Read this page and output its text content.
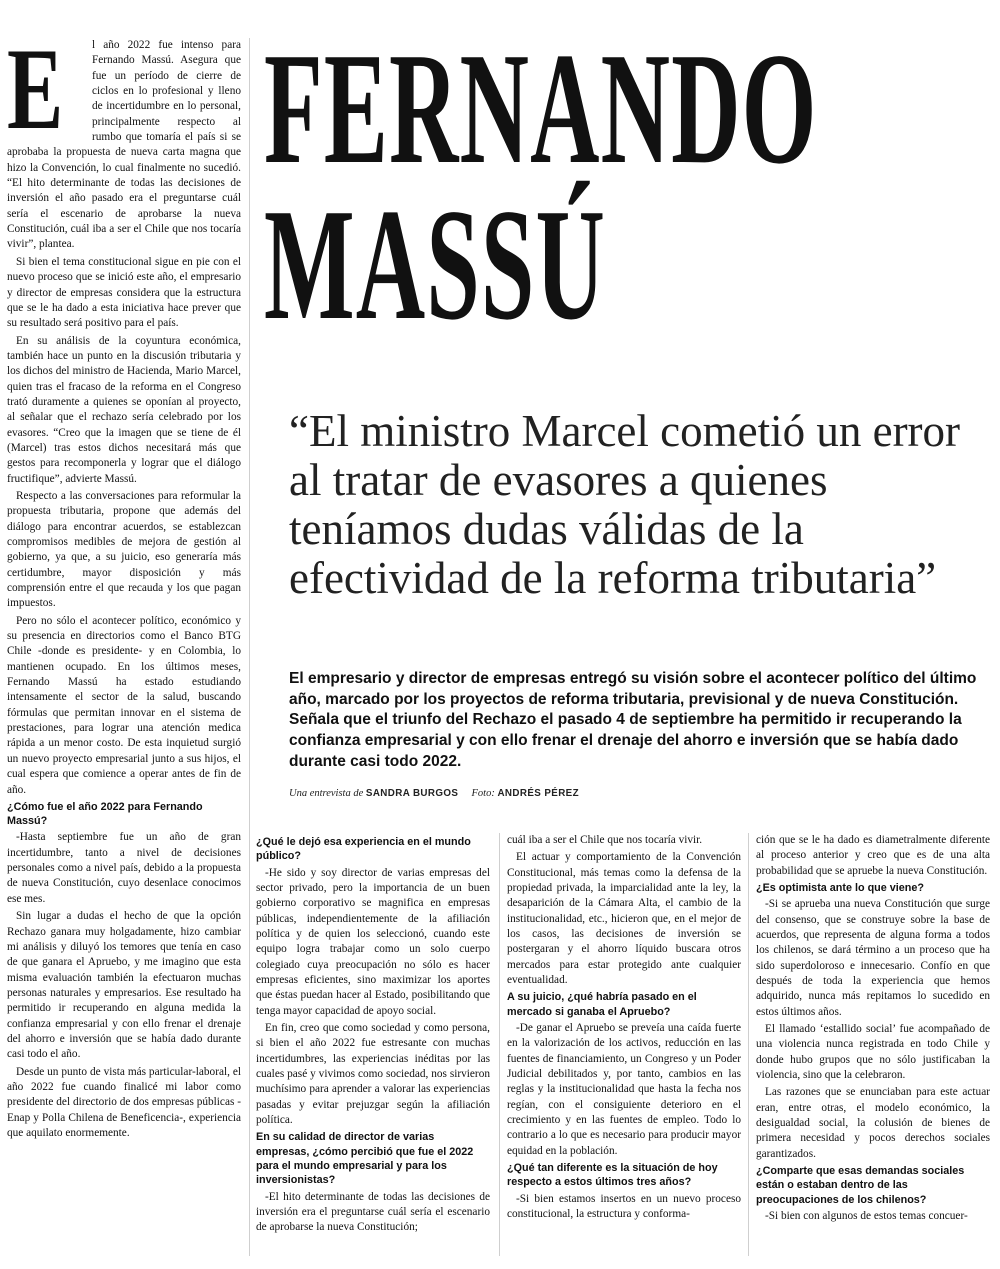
E	l año 2022 fue intenso para Fernando Massú. Asegura que fue un período de cierre de ciclos en lo profesional y lleno de incertidumbre en lo personal, principalmente respecto al rumbo que tomaría el país si se aprobaba la propuesta de nueva carta magna que hizo la Convención, lo cual finalmente no sucedió. “El hito determinante de todas las decisiones de inversión el año pasado era el preguntarse cuál sería el escenario de aprobarse la nueva Constitución, cuál iba a ser el Chile que nos tocaría vivir”, plantea.

Si bien el tema constitucional sigue en pie con el nuevo proceso que se inició este año, el empresario y director de empresas considera que la estructura que se le ha dado a esta iniciativa hace prever que su resultado será positivo para el país.

En su análisis de la coyuntura económica, también hace un punto en la discusión tributaria y los dichos del ministro de Hacienda, Mario Marcel, quien tras el fracaso de la reforma en el Congreso trató duramente a quienes se oponían al proyecto, al señalar que el rechazo sería celebrado por los evasores. “Creo que la imagen que se tiene de él (Marcel) tras estos dichos necesitará más que gestos para recomponerla y lograr que el diálogo fructifique”, advierte Massú.

Respecto a las conversaciones para reformular la propuesta tributaria, propone que además del diálogo para encontrar acuerdos, se establezcan compromisos medibles de mejora de gestión al gobierno, ya que, a su juicio, eso generaría más certidumbre, mayor disposición y más comprensión entre el que recauda y los que pagan impuestos.

Pero no sólo el acontecer político, económico y su presencia en directorios como el Banco BTG Chile -donde es presidente- y en Colombia, lo mantienen ocupado. En los últimos meses, Fernando Massú ha estado estudiando intensamente el sector de la salud, buscando fórmulas que permitan innovar en el sistema de prestaciones, para lograr una atención medica rápida a un menor costo. De esta inquietud surgió un nuevo proyecto empresarial junto a sus hijos, el cual espera que comience a operar antes de fin de año.

¿Cómo fue el año 2022 para Fernando Massú?

-Hasta septiembre fue un año de gran incertidumbre, tanto a nivel de decisiones personales como a nivel país, debido a la propuesta de nueva Constitución, cuyo desenlace conocimos ese mes.

Sin lugar a dudas el hecho de que la opción Rechazo ganara muy holgadamente, hizo cambiar mi análisis y diluyó los temores que tenía en caso de que ganara el Apruebo, y me imagino que esta misma evaluación también la efectuaron muchas personas naturales y empresarios. Ese resultado ha permitido ir recuperando en alguna medida la confianza empresarial y con ello frenar el drenaje del ahorro e inversión que se había dado durante casi todo el año.

Desde un punto de vista más particular-laboral, el año 2022 fue cuando finalicé mi labor como presidente del directorio de dos empresas públicas -Enap y Polla Chilena de Beneficencia-, experiencia que aquilato enormemente.

FERNANDO
MASSÚ
“El ministro Marcel cometió un error al tratar de evasores a quienes teníamos dudas válidas de la efectividad de la reforma tributaria”
El empresario y director de empresas entregó su visión sobre el acontecer político del último año, marcado por los proyectos de reforma tributaria, previsional y de nueva Constitución. Señala que el triunfo del Rechazo el pasado 4 de septiembre ha permitido ir recuperando la confianza empresarial y con ello frenar el drenaje del ahorro e inversión que se había dado durante casi todo 2022.
Una entrevista de SANDRA BURGOS Foto: ANDRÉS PÉREZ

¿Qué le dejó esa experiencia en el mundo público?

-He sido y soy director de varias empresas del sector privado, pero la importancia de un buen gobierno corporativo se magnifica en empresas públicas, independientemente de la afiliación política y de quien los seleccionó, cuando este equipo logra trabajar como un solo cuerpo colegiado cuya preocupación no sólo es hacer empresas eficientes, sino maximizar los aportes que éstas puedan hacer al Estado, posibilitando que tenga mayor capacidad de apoyo social.

En fin, creo que como sociedad y como persona, si bien el año 2022 fue estresante con muchas incertidumbres, las experiencias inéditas por las cuales pasé y vivimos como sociedad, nos sirvieron muchísimo para aprender a valorar las experiencias pasadas y evitar prejuzgar según la afiliación política.

En su calidad de director de varias empresas, ¿cómo percibió que fue el 2022 para el mundo empresarial y para los inversionistas?

-El hito determinante de todas las decisiones de inversión era el preguntarse cuál sería el escenario de aprobarse la nueva Constitución;

cuál iba a ser el Chile que nos tocaría vivir.

El actuar y comportamiento de la Convención Constitucional, más temas como la defensa de la propiedad privada, la imparcialidad ante la ley, la desaparición de la Cámara Alta, el cambio de la institucionalidad, etc., hicieron que, en el mejor de los casos, las decisiones de inversión se postergaran y el ahorro líquido buscara otros mercados para estar protegido ante cualquier eventualidad.

A su juicio, ¿qué habría pasado en el mercado si ganaba el Apruebo?

-De ganar el Apruebo se preveía una caída fuerte en la valorización de los activos, reducción en las fuentes de financiamiento, un Congreso y un Poder Judicial debilitados y, por tanto, cambios en las reglas y la institucionalidad que hasta la fecha nos regían, con el consiguiente deterioro en el crecimiento y en las fuentes de empleo. Todo lo contrario a lo que es necesario para producir mayor equidad en la población.

¿Qué tan diferente es la situación de hoy respecto a estos últimos tres años?

-Si bien estamos insertos en un nuevo proceso constitucional, la estructura y conforma-

ción que se le ha dado es diametralmente diferente al proceso anterior y creo que es de una alta probabilidad que se apruebe la nueva Constitución.

¿Es optimista ante lo que viene?

-Si se aprueba una nueva Constitución que surge del consenso, que se construye sobre la base de acuerdos, que representa de alguna forma a todos los chilenos, se dará término a un proceso que ha sido superdoloroso e innecesario. Confío en que después de toda la experiencia que hemos adquirido, nunca más repitamos lo sucedido en estos últimos años.

El llamado ‘estallido social’ fue acompañado de una violencia nunca registrada en todo Chile y donde hubo grupos que no sólo justificaban la violencia, sino que la celebraron.

Las razones que se enunciaban para este actuar eran, entre otras, el modelo económico, la desigualdad social, la colusión de bienes de primera necesidad y pocos derechos sociales garantizados.

¿Comparte que esas demandas sociales están o estaban dentro de las preocupaciones de los chilenos?

-Si bien con algunos de estos temas concuer-
